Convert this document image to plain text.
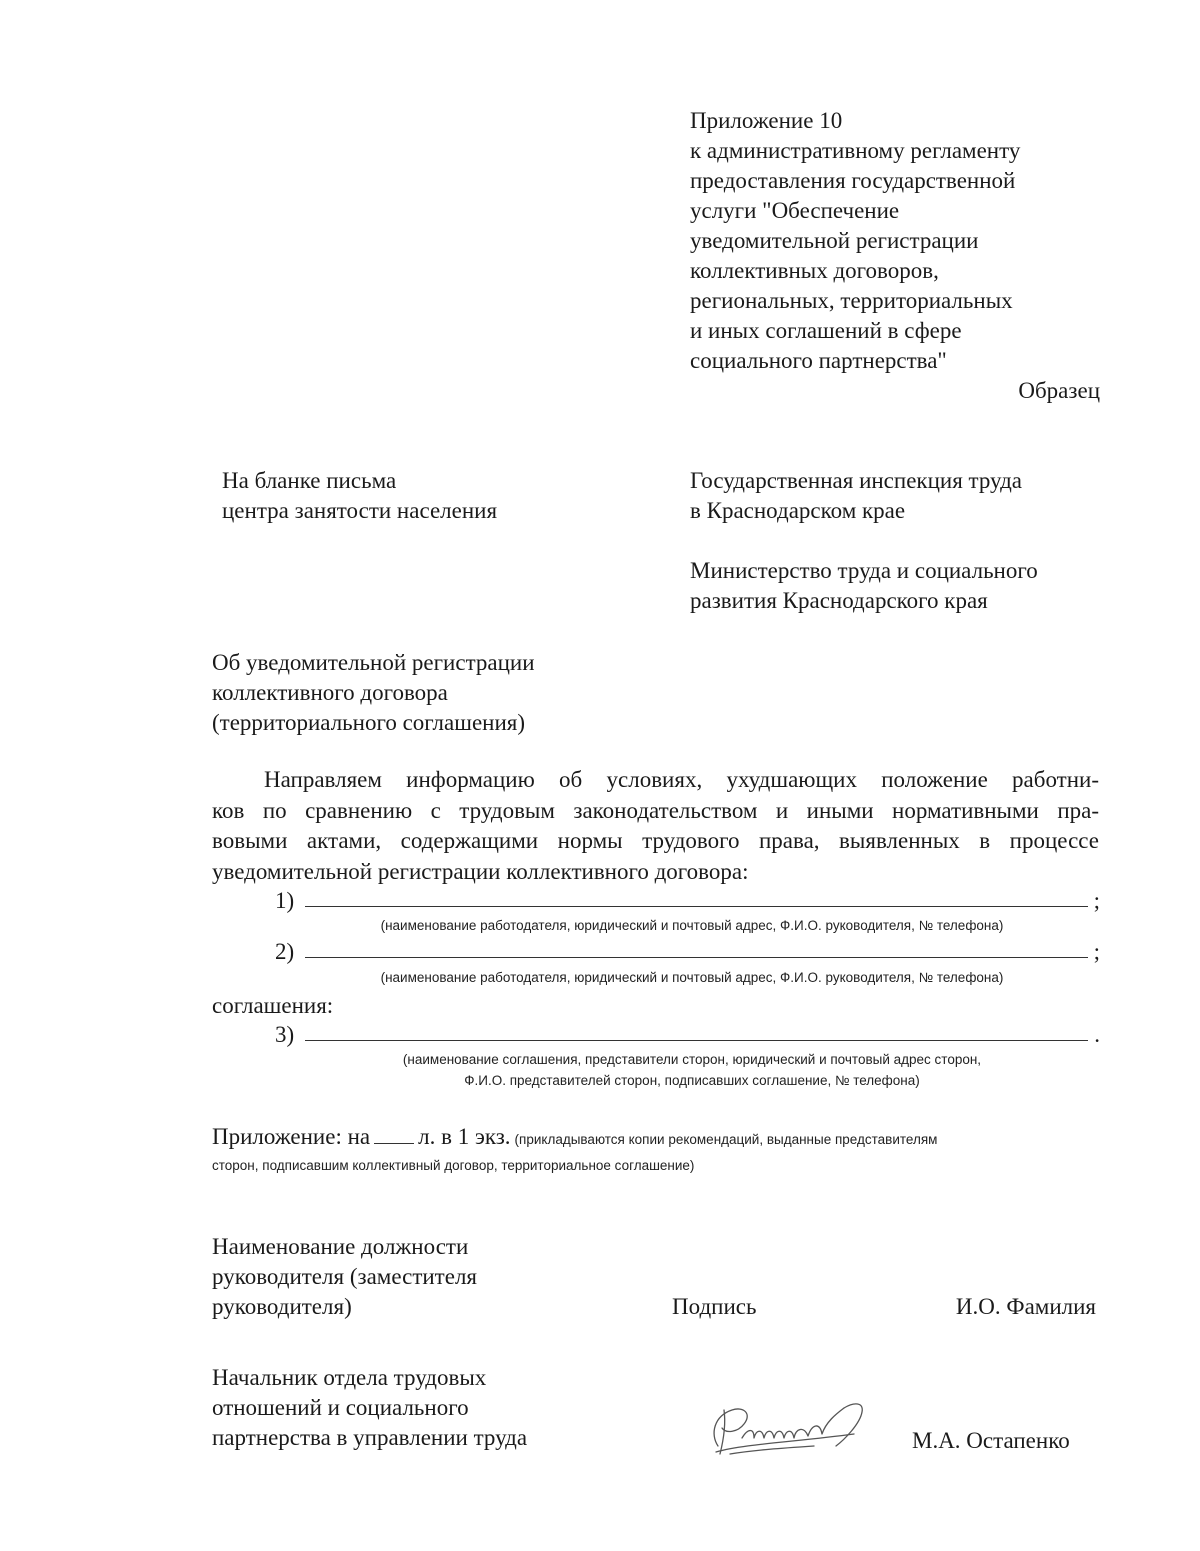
Приложение 10
к административному регламенту
предоставления государственной
услуги "Обеспечение
уведомительной регистрации
коллективных договоров,
региональных, территориальных
и иных соглашений в сфере
социального партнерства"
Образец
На бланке письма
центра занятости населения
Государственная инспекция труда
в Краснодарском крае
Министерство труда и социального
развития Краснодарского края
Об уведомительной регистрации
коллективного договора
(территориального соглашения)
Направляем информацию об условиях, ухудшающих положение работни-
ков по сравнению с трудовым законодательством и иными нормативными пра-
вовыми актами, содержащими нормы трудового права, выявленных в процессе
уведомительной регистрации коллективного договора:
1)	;
(наименование работодателя, юридический и почтовый адрес, Ф.И.О. руководителя, № телефона)
2)	;
(наименование работодателя, юридический и почтовый адрес, Ф.И.О. руководителя, № телефона)
соглашения:
3)	.
(наименование соглашения, представители сторон, юридический и почтовый адрес сторон,
Ф.И.О. представителей сторон, подписавших соглашение, № телефона)
Приложение: на л. в 1 экз. (прикладываются копии рекомендаций, выданные представителям
сторон, подписавшим коллективный договор, территориальное соглашение)
Наименование должности
руководителя (заместителя
руководителя)	Подпись	И.О. Фамилия
Начальник отдела трудовых
отношений и социального
партнерства в управлении труда	М.А. Остапенко
